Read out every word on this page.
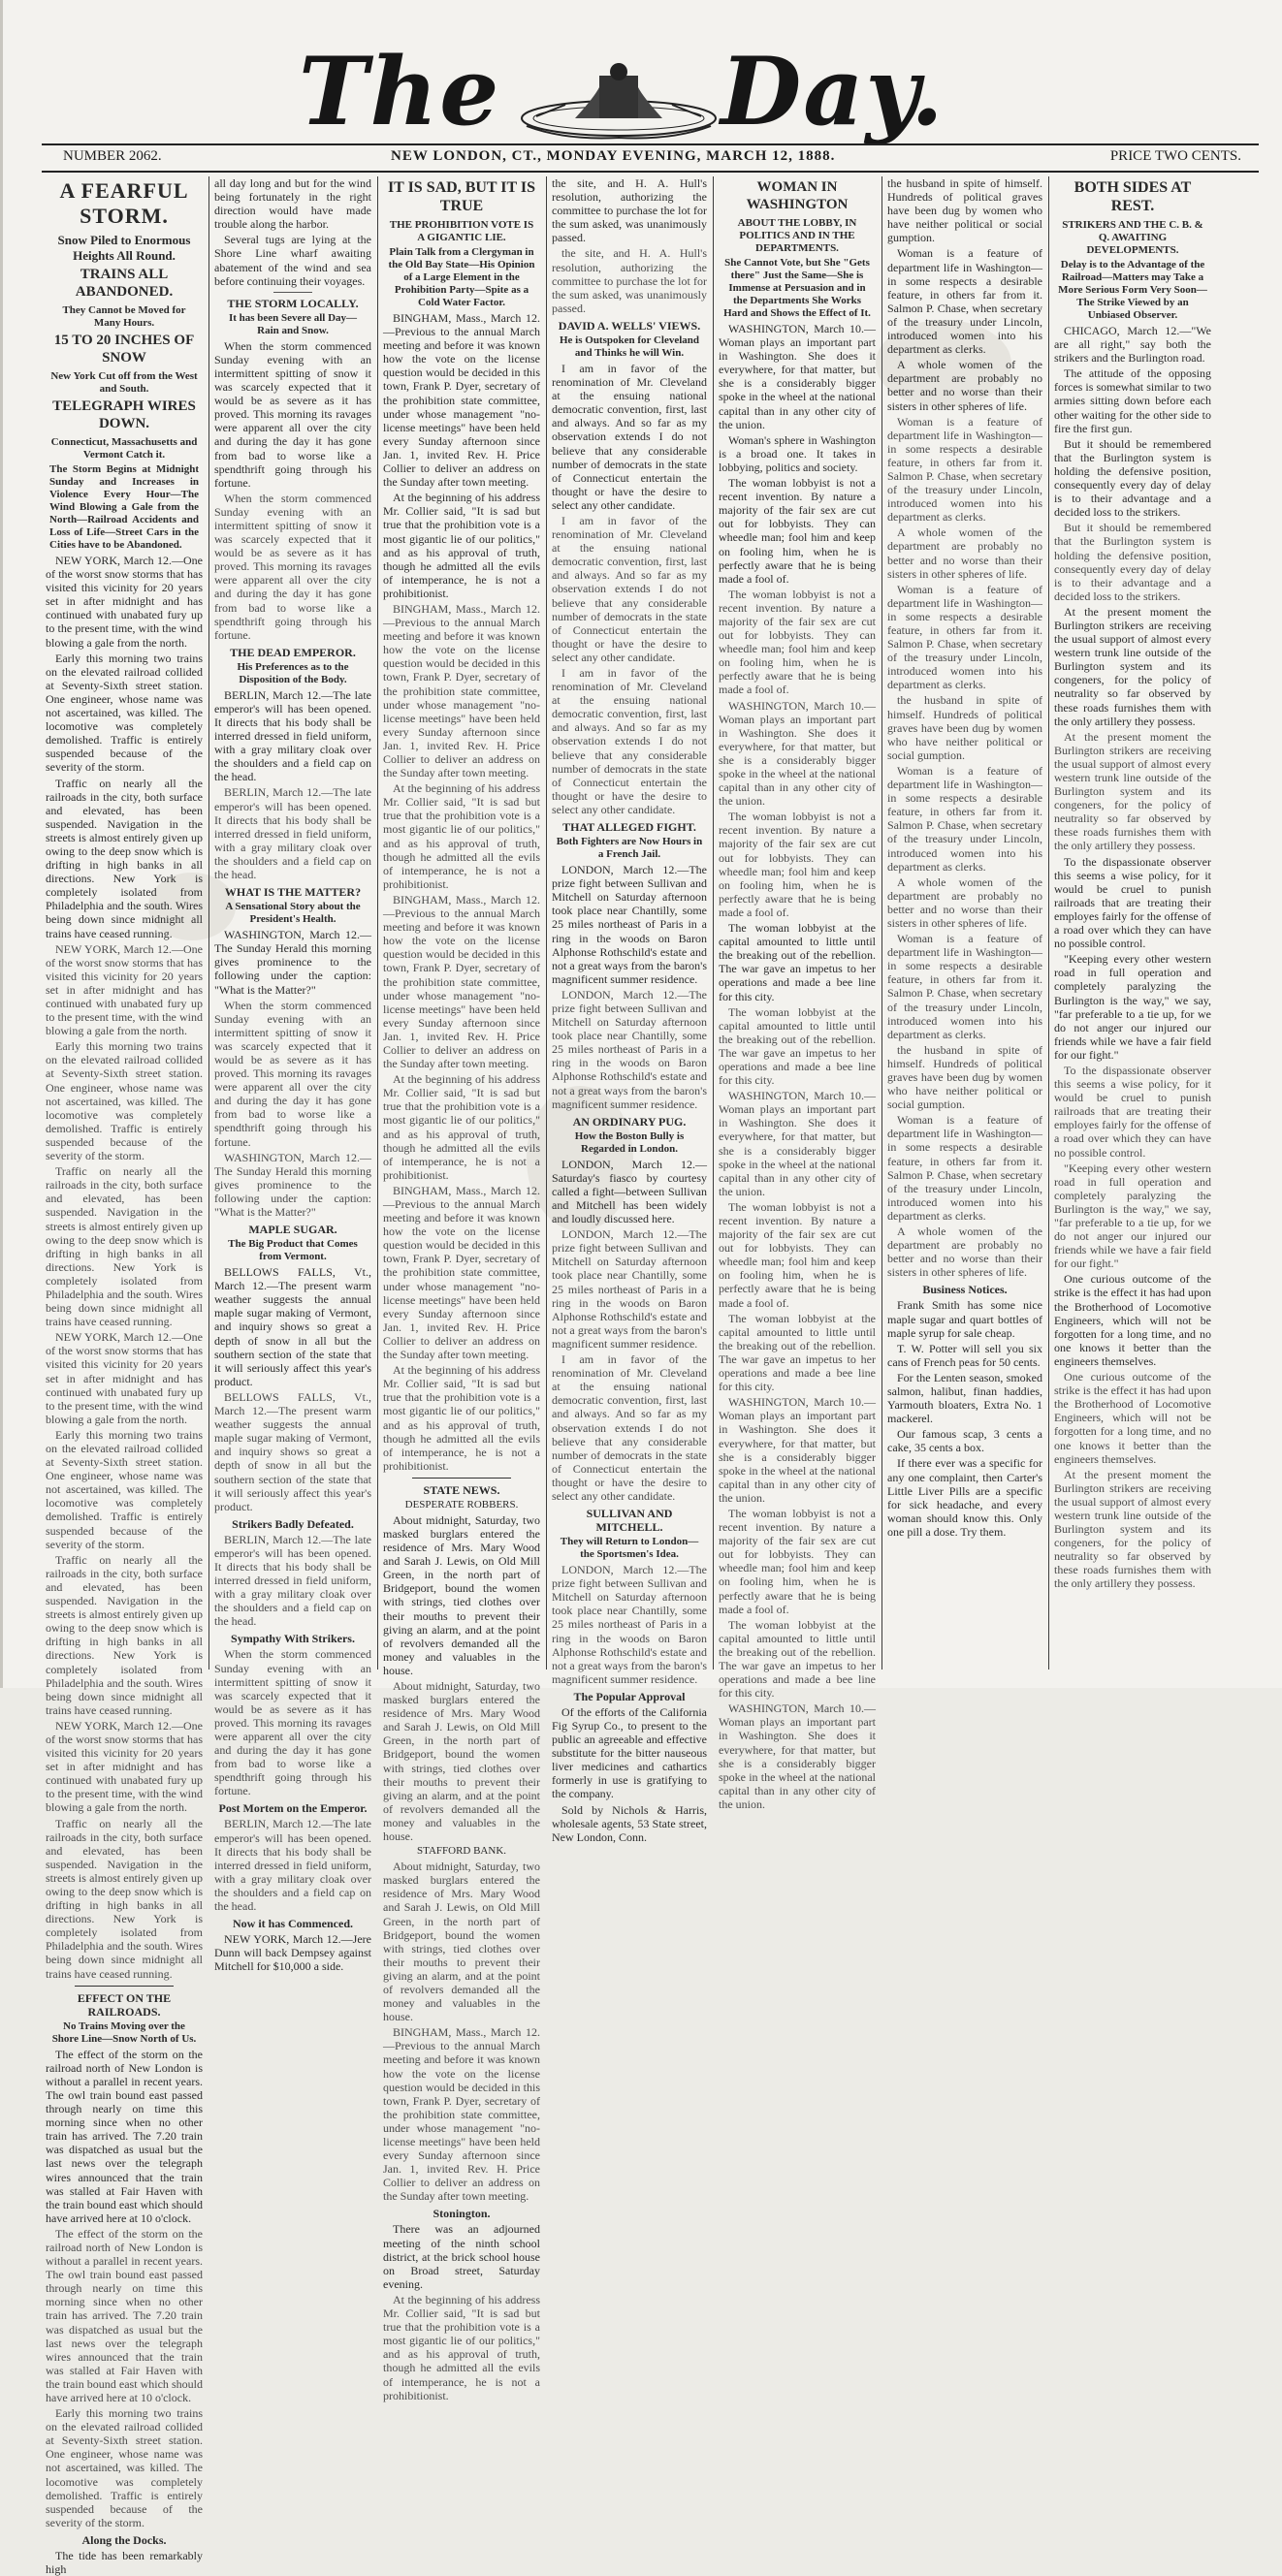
The Day.
NUMBER 2062.	NEW LONDON, CT., MONDAY EVENING, MARCH 12, 1888.	PRICE TWO CENTS.
A FEARFUL STORM.
Snow Piled to Enormous Heights All Round.
TRAINS ALL ABANDONED.
They Cannot be Moved for Many Hours.
15 TO 20 INCHES OF SNOW
New York Cut off from the West and South.
TELEGRAPH WIRES DOWN.
Connecticut, Massachusetts and Vermont Catch it.
The Storm Begins at Midnight Sunday and Increases in Violence Every Hour—The Wind Blowing a Gale from the North—Railroad Accidents and Loss of Life—Street Cars in the Cities have to be Abandoned.

NEW YORK, March 12.—One of the worst snow storms that has visited this vicinity for 20 years set in after midnight and has continued with unabated fury up to the present time, with the wind blowing a gale from the north.

Early this morning two trains on the elevated railroad collided at Seventy-Sixth street station. One engineer, whose name was not ascertained, was killed. The locomotive was completely demolished. Traffic is entirely suspended because of the severity of the storm.

Traffic on nearly all the railroads in the city, both surface and elevated, has been suspended. Navigation in the streets is almost entirely given up owing to the deep snow which is drifting in high banks in all directions. New York is completely isolated from Philadelphia and the south. Wires being down since midnight all trains have ceased running.

NEW YORK, March 12.—One of the worst snow storms that has visited this vicinity for 20 years set in after midnight and has continued with unabated fury up to the present time, with the wind blowing a gale from the north.

Early this morning two trains on the elevated railroad collided at Seventy-Sixth street station. One engineer, whose name was not ascertained, was killed. The locomotive was completely demolished. Traffic is entirely suspended because of the severity of the storm.

Traffic on nearly all the railroads in the city, both surface and elevated, has been suspended. Navigation in the streets is almost entirely given up owing to the deep snow which is drifting in high banks in all directions. New York is completely isolated from Philadelphia and the south. Wires being down since midnight all trains have ceased running.

NEW YORK, March 12.—One of the worst snow storms that has visited this vicinity for 20 years set in after midnight and has continued with unabated fury up to the present time, with the wind blowing a gale from the north.

Early this morning two trains on the elevated railroad collided at Seventy-Sixth street station. One engineer, whose name was not ascertained, was killed. The locomotive was completely demolished. Traffic is entirely suspended because of the severity of the storm.

Traffic on nearly all the railroads in the city, both surface and elevated, has been suspended. Navigation in the streets is almost entirely given up owing to the deep snow which is drifting in high banks in all directions. New York is completely isolated from Philadelphia and the south. Wires being down since midnight all trains have ceased running.

NEW YORK, March 12.—One of the worst snow storms that has visited this vicinity for 20 years set in after midnight and has continued with unabated fury up to the present time, with the wind blowing a gale from the north.

Traffic on nearly all the railroads in the city, both surface and elevated, has been suspended. Navigation in the streets is almost entirely given up owing to the deep snow which is drifting in high banks in all directions. New York is completely isolated from Philadelphia and the south. Wires being down since midnight all trains have ceased running.

EFFECT ON THE RAILROADS.
No Trains Moving over the Shore Line—Snow North of Us.

The effect of the storm on the railroad north of New London is without a parallel in recent years. The owl train bound east passed through nearly on time this morning since when no other train has arrived. The 7.20 train was dispatched as usual but the last news over the telegraph wires announced that the train was stalled at Fair Haven with the train bound east which should have arrived here at 10 o'clock.

The effect of the storm on the railroad north of New London is without a parallel in recent years. The owl train bound east passed through nearly on time this morning since when no other train has arrived. The 7.20 train was dispatched as usual but the last news over the telegraph wires announced that the train was stalled at Fair Haven with the train bound east which should have arrived here at 10 o'clock.

Early this morning two trains on the elevated railroad collided at Seventy-Sixth street station. One engineer, whose name was not ascertained, was killed. The locomotive was completely demolished. Traffic is entirely suspended because of the severity of the storm.

Along the Docks.

The tide has been remarkably high

all day long and but for the wind being fortunately in the right direction would have made trouble along the harbor.

Several tugs are lying at the Shore Line wharf awaiting abatement of the wind and sea before continuing their voyages.

THE STORM LOCALLY.
It has been Severe all Day—Rain and Snow.

When the storm commenced Sunday evening with an intermittent spitting of snow it was scarcely expected that it would be as severe as it has proved. This morning its ravages were apparent all over the city and during the day it has gone from bad to worse like a spendthrift going through his fortune.

When the storm commenced Sunday evening with an intermittent spitting of snow it was scarcely expected that it would be as severe as it has proved. This morning its ravages were apparent all over the city and during the day it has gone from bad to worse like a spendthrift going through his fortune.

THE DEAD EMPEROR.
His Preferences as to the Disposition of the Body.

BERLIN, March 12.—The late emperor's will has been opened. It directs that his body shall be interred dressed in field uniform, with a gray military cloak over the shoulders and a field cap on the head.

BERLIN, March 12.—The late emperor's will has been opened. It directs that his body shall be interred dressed in field uniform, with a gray military cloak over the shoulders and a field cap on the head.

WHAT IS THE MATTER?
A Sensational Story about the President's Health.

WASHINGTON, March 12.—The Sunday Herald this morning gives prominence to the following under the caption: "What is the Matter?"

When the storm commenced Sunday evening with an intermittent spitting of snow it was scarcely expected that it would be as severe as it has proved. This morning its ravages were apparent all over the city and during the day it has gone from bad to worse like a spendthrift going through his fortune.

WASHINGTON, March 12.—The Sunday Herald this morning gives prominence to the following under the caption: "What is the Matter?"

MAPLE SUGAR.
The Big Product that Comes from Vermont.

BELLOWS FALLS, Vt., March 12.—The present warm weather suggests the annual maple sugar making of Vermont, and inquiry shows so great a depth of snow in all but the southern section of the state that it will seriously affect this year's product.

BELLOWS FALLS, Vt., March 12.—The present warm weather suggests the annual maple sugar making of Vermont, and inquiry shows so great a depth of snow in all but the southern section of the state that it will seriously affect this year's product.

Strikers Badly Defeated.

BERLIN, March 12.—The late emperor's will has been opened. It directs that his body shall be interred dressed in field uniform, with a gray military cloak over the shoulders and a field cap on the head.

Sympathy With Strikers.

When the storm commenced Sunday evening with an intermittent spitting of snow it was scarcely expected that it would be as severe as it has proved. This morning its ravages were apparent all over the city and during the day it has gone from bad to worse like a spendthrift going through his fortune.

Post Mortem on the Emperor.

BERLIN, March 12.—The late emperor's will has been opened. It directs that his body shall be interred dressed in field uniform, with a gray military cloak over the shoulders and a field cap on the head.

Now it has Commenced.

NEW YORK, March 12.—Jere Dunn will back Dempsey against Mitchell for $10,000 a side.

IT IS SAD, BUT IT IS TRUE
THE PROHIBITION VOTE IS A GIGANTIC LIE.
Plain Talk from a Clergyman in the Old Bay State—His Opinion of a Large Element in the Prohibition Party—Spite as a Cold Water Factor.

BINGHAM, Mass., March 12.—Previous to the annual March meeting and before it was known how the vote on the license question would be decided in this town, Frank P. Dyer, secretary of the prohibition state committee, under whose management "no-license meetings" have been held every Sunday afternoon since Jan. 1, invited Rev. H. Price Collier to deliver an address on the Sunday after town meeting.

At the beginning of his address Mr. Collier said, "It is sad but true that the prohibition vote is a most gigantic lie of our politics," and as his approval of truth, though he admitted all the evils of intemperance, he is not a prohibitionist.

BINGHAM, Mass., March 12.—Previous to the annual March meeting and before it was known how the vote on the license question would be decided in this town, Frank P. Dyer, secretary of the prohibition state committee, under whose management "no-license meetings" have been held every Sunday afternoon since Jan. 1, invited Rev. H. Price Collier to deliver an address on the Sunday after town meeting.

At the beginning of his address Mr. Collier said, "It is sad but true that the prohibition vote is a most gigantic lie of our politics," and as his approval of truth, though he admitted all the evils of intemperance, he is not a prohibitionist.

BINGHAM, Mass., March 12.—Previous to the annual March meeting and before it was known how the vote on the license question would be decided in this town, Frank P. Dyer, secretary of the prohibition state committee, under whose management "no-license meetings" have been held every Sunday afternoon since Jan. 1, invited Rev. H. Price Collier to deliver an address on the Sunday after town meeting.

At the beginning of his address Mr. Collier said, "It is sad but true that the prohibition vote is a most gigantic lie of our politics," and as his approval of truth, though he admitted all the evils of intemperance, he is not a prohibitionist.

BINGHAM, Mass., March 12.—Previous to the annual March meeting and before it was known how the vote on the license question would be decided in this town, Frank P. Dyer, secretary of the prohibition state committee, under whose management "no-license meetings" have been held every Sunday afternoon since Jan. 1, invited Rev. H. Price Collier to deliver an address on the Sunday after town meeting.

At the beginning of his address Mr. Collier said, "It is sad but true that the prohibition vote is a most gigantic lie of our politics," and as his approval of truth, though he admitted all the evils of intemperance, he is not a prohibitionist.

STATE NEWS.
DESPERATE ROBBERS.

About midnight, Saturday, two masked burglars entered the residence of Mrs. Mary Wood and Sarah J. Lewis, on Old Mill Green, in the north part of Bridgeport, bound the women with strings, tied clothes over their mouths to prevent their giving an alarm, and at the point of revolvers demanded all the money and valuables in the house.

About midnight, Saturday, two masked burglars entered the residence of Mrs. Mary Wood and Sarah J. Lewis, on Old Mill Green, in the north part of Bridgeport, bound the women with strings, tied clothes over their mouths to prevent their giving an alarm, and at the point of revolvers demanded all the money and valuables in the house.

STAFFORD BANK.

About midnight, Saturday, two masked burglars entered the residence of Mrs. Mary Wood and Sarah J. Lewis, on Old Mill Green, in the north part of Bridgeport, bound the women with strings, tied clothes over their mouths to prevent their giving an alarm, and at the point of revolvers demanded all the money and valuables in the house.

BINGHAM, Mass., March 12.—Previous to the annual March meeting and before it was known how the vote on the license question would be decided in this town, Frank P. Dyer, secretary of the prohibition state committee, under whose management "no-license meetings" have been held every Sunday afternoon since Jan. 1, invited Rev. H. Price Collier to deliver an address on the Sunday after town meeting.

Stonington.

There was an adjourned meeting of the ninth school district, at the brick school house on Broad street, Saturday evening.

At the beginning of his address Mr. Collier said, "It is sad but true that the prohibition vote is a most gigantic lie of our politics," and as his approval of truth, though he admitted all the evils of intemperance, he is not a prohibitionist.

the site, and H. A. Hull's resolution, authorizing the committee to purchase the lot for the sum asked, was unanimously passed.

the site, and H. A. Hull's resolution, authorizing the committee to purchase the lot for the sum asked, was unanimously passed.

DAVID A. WELLS' VIEWS.
He is Outspoken for Cleveland and Thinks he will Win.

I am in favor of the renomination of Mr. Cleveland at the ensuing national democratic convention, first, last and always. And so far as my observation extends I do not believe that any considerable number of democrats in the state of Connecticut entertain the thought or have the desire to select any other candidate.

I am in favor of the renomination of Mr. Cleveland at the ensuing national democratic convention, first, last and always. And so far as my observation extends I do not believe that any considerable number of democrats in the state of Connecticut entertain the thought or have the desire to select any other candidate.

I am in favor of the renomination of Mr. Cleveland at the ensuing national democratic convention, first, last and always. And so far as my observation extends I do not believe that any considerable number of democrats in the state of Connecticut entertain the thought or have the desire to select any other candidate.

THAT ALLEGED FIGHT.
Both Fighters are Now Hours in a French Jail.

LONDON, March 12.—The prize fight between Sullivan and Mitchell on Saturday afternoon took place near Chantilly, some 25 miles northeast of Paris in a ring in the woods on Baron Alphonse Rothschild's estate and not a great ways from the baron's magnificent summer residence.

LONDON, March 12.—The prize fight between Sullivan and Mitchell on Saturday afternoon took place near Chantilly, some 25 miles northeast of Paris in a ring in the woods on Baron Alphonse Rothschild's estate and not a great ways from the baron's magnificent summer residence.

AN ORDINARY PUG.
How the Boston Bully is Regarded in London.

LONDON, March 12.—Saturday's fiasco by courtesy called a fight—between Sullivan and Mitchell has been widely and loudly discussed here.

LONDON, March 12.—The prize fight between Sullivan and Mitchell on Saturday afternoon took place near Chantilly, some 25 miles northeast of Paris in a ring in the woods on Baron Alphonse Rothschild's estate and not a great ways from the baron's magnificent summer residence.

I am in favor of the renomination of Mr. Cleveland at the ensuing national democratic convention, first, last and always. And so far as my observation extends I do not believe that any considerable number of democrats in the state of Connecticut entertain the thought or have the desire to select any other candidate.

SULLIVAN AND MITCHELL.
They will Return to London—the Sportsmen's Idea.

LONDON, March 12.—The prize fight between Sullivan and Mitchell on Saturday afternoon took place near Chantilly, some 25 miles northeast of Paris in a ring in the woods on Baron Alphonse Rothschild's estate and not a great ways from the baron's magnificent summer residence.

The Popular Approval

Of the efforts of the California Fig Syrup Co., to present to the public an agreeable and effective substitute for the bitter nauseous liver medicines and cathartics formerly in use is gratifying to the company.

Sold by Nichols & Harris, wholesale agents, 53 State street, New London, Conn.

WOMAN IN WASHINGTON
ABOUT THE LOBBY, IN POLITICS AND IN THE DEPARTMENTS.
She Cannot Vote, but She "Gets there" Just the Same—She is Immense at Persuasion and in the Departments She Works Hard and Shows the Effect of It.

WASHINGTON, March 10.—Woman plays an important part in Washington. She does it everywhere, for that matter, but she is a considerably bigger spoke in the wheel at the national capital than in any other city of the union.

Woman's sphere in Washington is a broad one. It takes in lobbying, politics and society.

The woman lobbyist is not a recent invention. By nature a majority of the fair sex are cut out for lobbyists. They can wheedle man; fool him and keep on fooling him, when he is perfectly aware that he is being made a fool of.

The woman lobbyist is not a recent invention. By nature a majority of the fair sex are cut out for lobbyists. They can wheedle man; fool him and keep on fooling him, when he is perfectly aware that he is being made a fool of.

WASHINGTON, March 10.—Woman plays an important part in Washington. She does it everywhere, for that matter, but she is a considerably bigger spoke in the wheel at the national capital than in any other city of the union.

The woman lobbyist is not a recent invention. By nature a majority of the fair sex are cut out for lobbyists. They can wheedle man; fool him and keep on fooling him, when he is perfectly aware that he is being made a fool of.

The woman lobbyist at the capital amounted to little until the breaking out of the rebellion. The war gave an impetus to her operations and made a bee line for this city.

The woman lobbyist at the capital amounted to little until the breaking out of the rebellion. The war gave an impetus to her operations and made a bee line for this city.

WASHINGTON, March 10.—Woman plays an important part in Washington. She does it everywhere, for that matter, but she is a considerably bigger spoke in the wheel at the national capital than in any other city of the union.

The woman lobbyist is not a recent invention. By nature a majority of the fair sex are cut out for lobbyists. They can wheedle man; fool him and keep on fooling him, when he is perfectly aware that he is being made a fool of.

The woman lobbyist at the capital amounted to little until the breaking out of the rebellion. The war gave an impetus to her operations and made a bee line for this city.

WASHINGTON, March 10.—Woman plays an important part in Washington. She does it everywhere, for that matter, but she is a considerably bigger spoke in the wheel at the national capital than in any other city of the union.

The woman lobbyist is not a recent invention. By nature a majority of the fair sex are cut out for lobbyists. They can wheedle man; fool him and keep on fooling him, when he is perfectly aware that he is being made a fool of.

The woman lobbyist at the capital amounted to little until the breaking out of the rebellion. The war gave an impetus to her operations and made a bee line for this city.

WASHINGTON, March 10.—Woman plays an important part in Washington. She does it everywhere, for that matter, but she is a considerably bigger spoke in the wheel at the national capital than in any other city of the union.

the husband in spite of himself. Hundreds of political graves have been dug by women who have neither political or social gumption.

Woman is a feature of department life in Washington—in some respects a desirable feature, in others far from it. Salmon P. Chase, when secretary of the treasury under Lincoln, introduced women into his department as clerks.

A whole women of the department are probably no better and no worse than their sisters in other spheres of life.

Woman is a feature of department life in Washington—in some respects a desirable feature, in others far from it. Salmon P. Chase, when secretary of the treasury under Lincoln, introduced women into his department as clerks.

A whole women of the department are probably no better and no worse than their sisters in other spheres of life.

Woman is a feature of department life in Washington—in some respects a desirable feature, in others far from it. Salmon P. Chase, when secretary of the treasury under Lincoln, introduced women into his department as clerks.

the husband in spite of himself. Hundreds of political graves have been dug by women who have neither political or social gumption.

Woman is a feature of department life in Washington—in some respects a desirable feature, in others far from it. Salmon P. Chase, when secretary of the treasury under Lincoln, introduced women into his department as clerks.

A whole women of the department are probably no better and no worse than their sisters in other spheres of life.

Woman is a feature of department life in Washington—in some respects a desirable feature, in others far from it. Salmon P. Chase, when secretary of the treasury under Lincoln, introduced women into his department as clerks.

the husband in spite of himself. Hundreds of political graves have been dug by women who have neither political or social gumption.

Woman is a feature of department life in Washington—in some respects a desirable feature, in others far from it. Salmon P. Chase, when secretary of the treasury under Lincoln, introduced women into his department as clerks.

A whole women of the department are probably no better and no worse than their sisters in other spheres of life.

Business Notices.

Frank Smith has some nice maple sugar and quart bottles of maple syrup for sale cheap.

T. W. Potter will sell you six cans of French peas for 50 cents.

For the Lenten season, smoked salmon, halibut, finan haddies, Yarmouth bloaters, Extra No. 1 mackerel.

Our famous scap, 3 cents a cake, 35 cents a box.

If there ever was a specific for any one complaint, then Carter's Little Liver Pills are a specific for sick headache, and every woman should know this. Only one pill a dose. Try them.

BOTH SIDES AT REST.
STRIKERS AND THE C. B. & Q. AWAITING DEVELOPMENTS.
Delay is to the Advantage of the Railroad—Matters may Take a More Serious Form Very Soon—The Strike Viewed by an Unbiased Observer.

CHICAGO, March 12.—"We are all right," say both the strikers and the Burlington road.

The attitude of the opposing forces is somewhat similar to two armies sitting down before each other waiting for the other side to fire the first gun.

But it should be remembered that the Burlington system is holding the defensive position, consequently every day of delay is to their advantage and a decided loss to the strikers.

But it should be remembered that the Burlington system is holding the defensive position, consequently every day of delay is to their advantage and a decided loss to the strikers.

At the present moment the Burlington strikers are receiving the usual support of almost every western trunk line outside of the Burlington system and its congeners, for the policy of neutrality so far observed by these roads furnishes them with the only artillery they possess.

At the present moment the Burlington strikers are receiving the usual support of almost every western trunk line outside of the Burlington system and its congeners, for the policy of neutrality so far observed by these roads furnishes them with the only artillery they possess.

To the dispassionate observer this seems a wise policy, for it would be cruel to punish railroads that are treating their employes fairly for the offense of a road over which they can have no possible control.

"Keeping every other western road in full operation and completely paralyzing the Burlington is the way," we say, "far preferable to a tie up, for we do not anger our injured our friends while we have a fair field for our fight."

To the dispassionate observer this seems a wise policy, for it would be cruel to punish railroads that are treating their employes fairly for the offense of a road over which they can have no possible control.

"Keeping every other western road in full operation and completely paralyzing the Burlington is the way," we say, "far preferable to a tie up, for we do not anger our injured our friends while we have a fair field for our fight."

One curious outcome of the strike is the effect it has had upon the Brotherhood of Locomotive Engineers, which will not be forgotten for a long time, and no one knows it better than the engineers themselves.

One curious outcome of the strike is the effect it has had upon the Brotherhood of Locomotive Engineers, which will not be forgotten for a long time, and no one knows it better than the engineers themselves.

At the present moment the Burlington strikers are receiving the usual support of almost every western trunk line outside of the Burlington system and its congeners, for the policy of neutrality so far observed by these roads furnishes them with the only artillery they possess.
